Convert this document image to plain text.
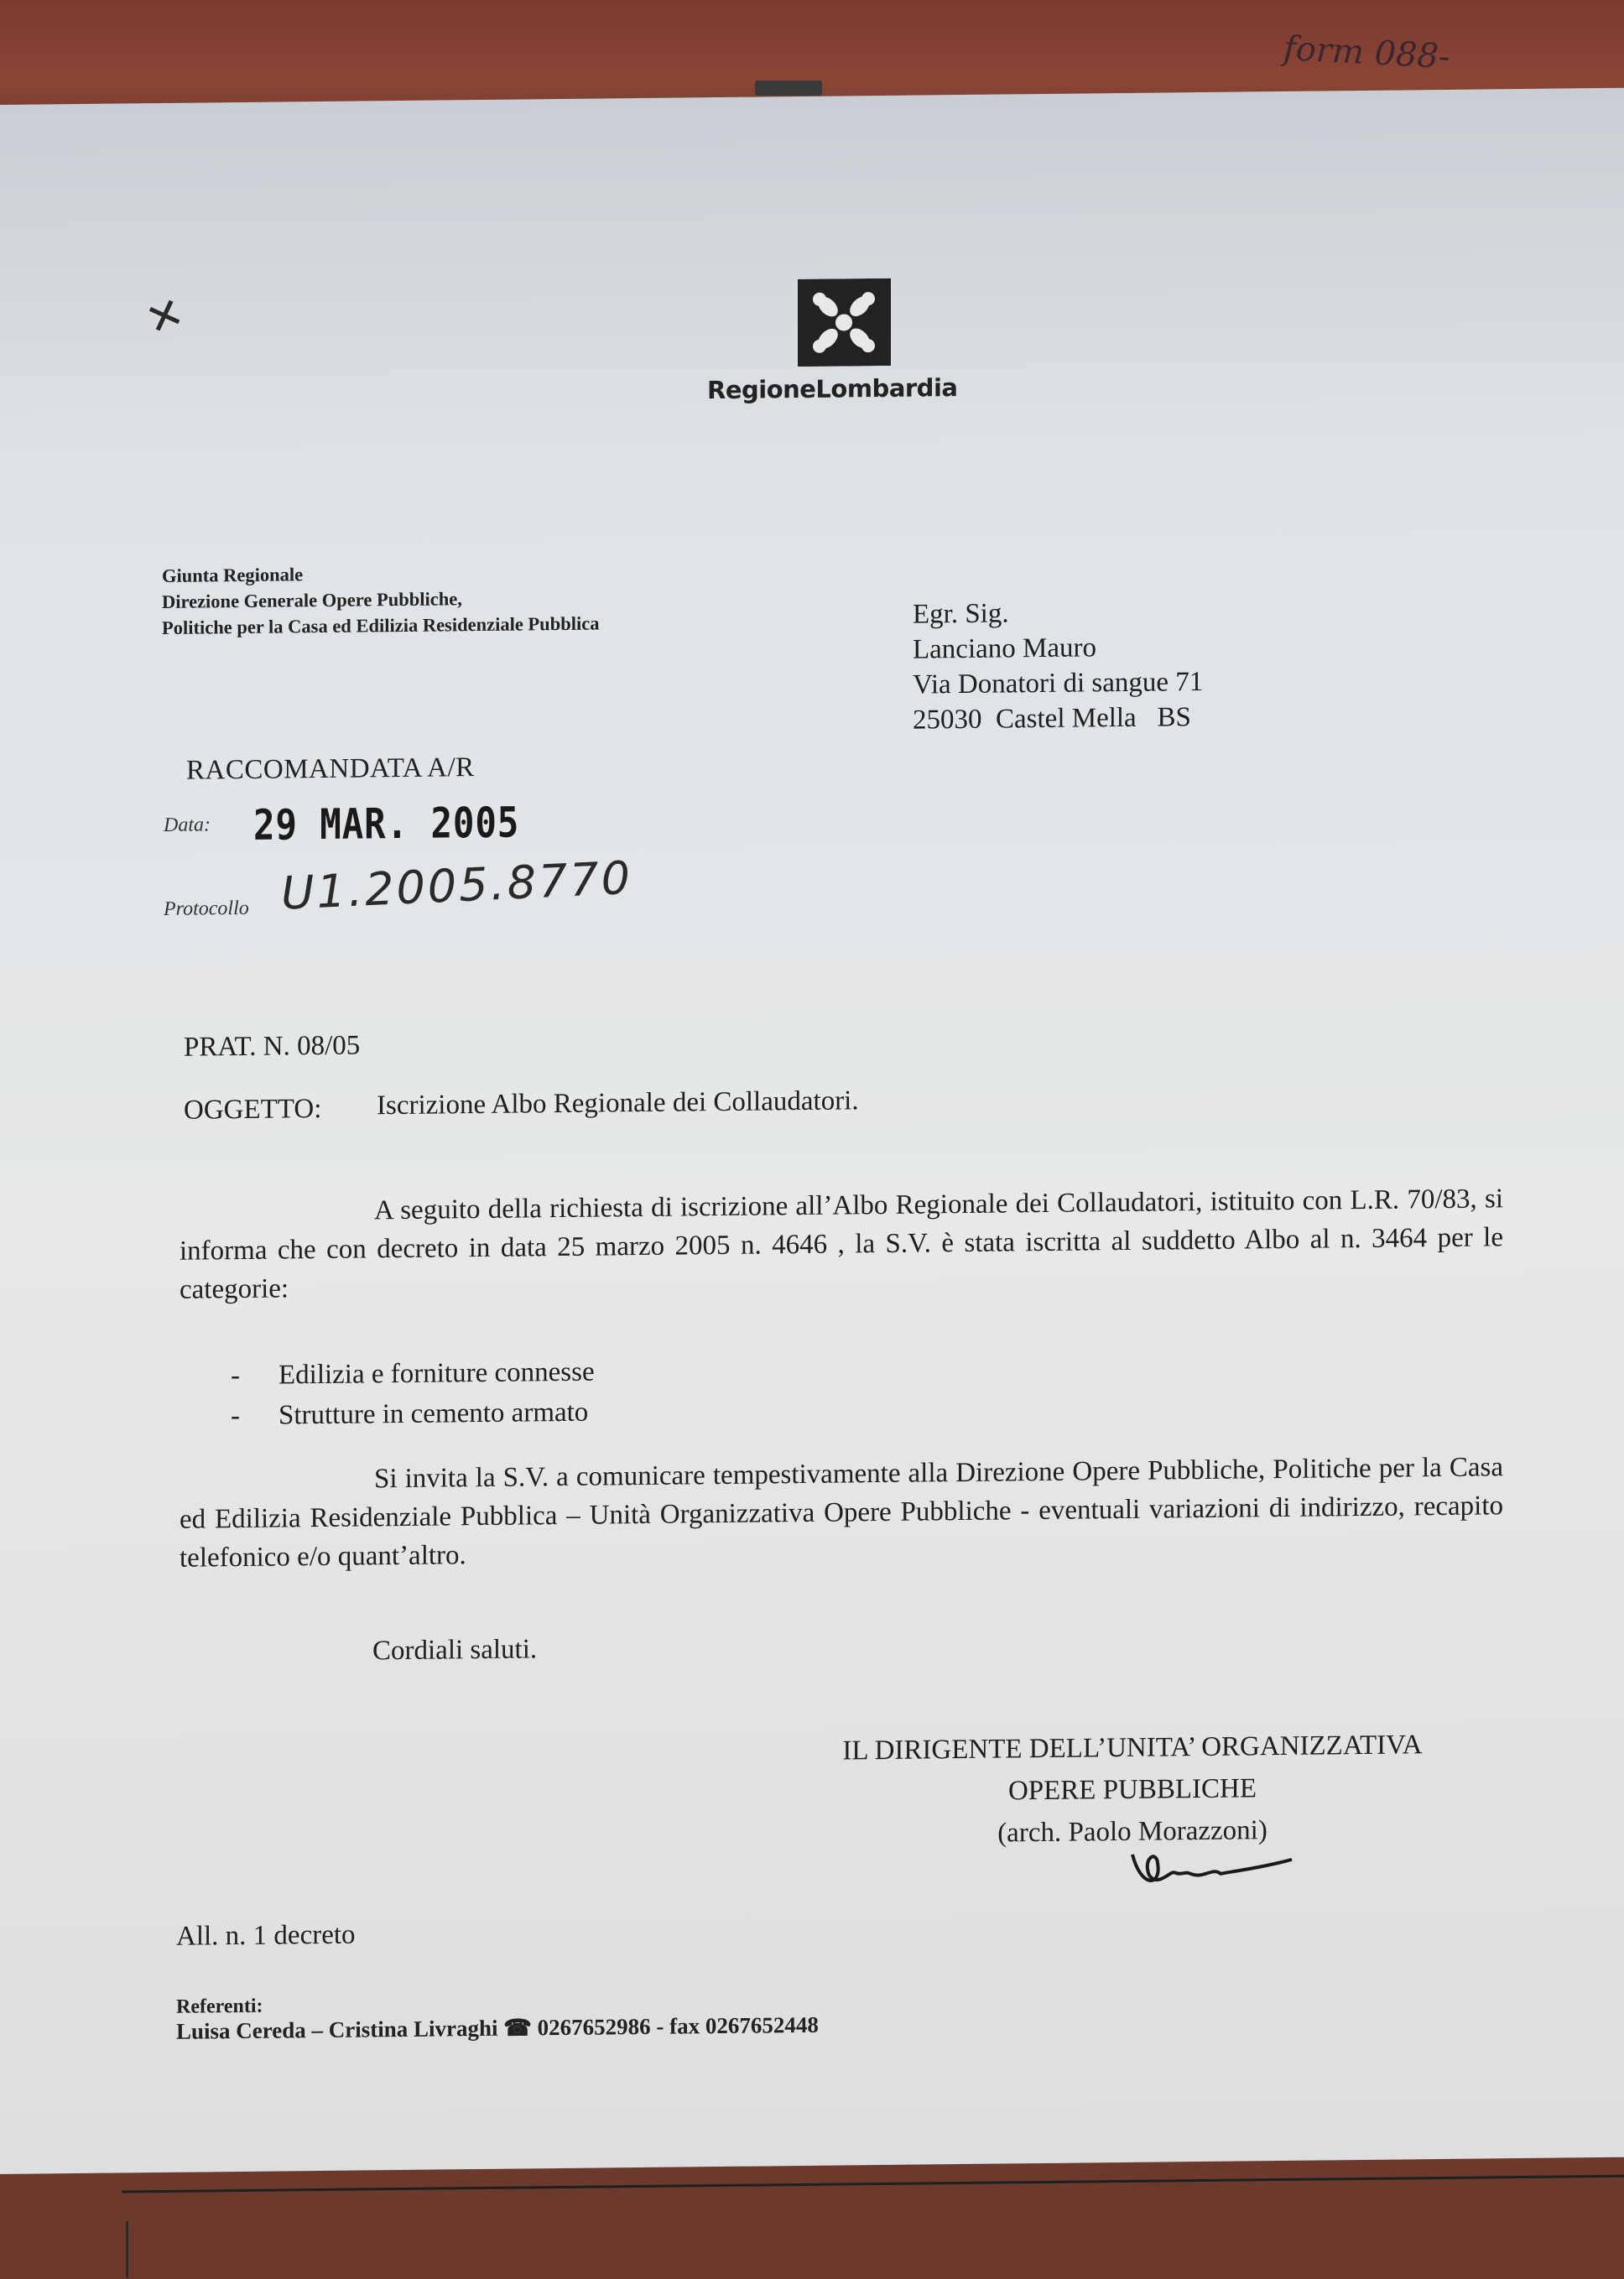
form 088-
✕
RegioneLombardia
Giunta Regionale
Direzione Generale Opere Pubbliche,
Politiche per la Casa ed Edilizia Residenziale Pubblica	Egr. Sig.
Lanciano Mauro
Via Donatori di sangue 71
25030  Castel Mella   BS
RACCOMANDATA A/R
Data: 29 MAR. 2005
Protocollo U1.2005.8770
PRAT. N. 08/05
OGGETTO: Iscrizione Albo Regionale dei Collaudatori.
A seguito della richiesta di iscrizione all’Albo Regionale dei Collaudatori, istituito con L.R. 70/83, si informa che con decreto in data 25 marzo 2005 n. 4646 , la S.V. è stata iscritta al suddetto Albo al n. 3464 per le categorie:
- Edilizia e forniture connesse
- Strutture in cemento armato
Si invita la S.V. a comunicare tempestivamente alla Direzione Opere Pubbliche, Politiche per la Casa ed Edilizia Residenziale Pubblica – Unità Organizzativa Opere Pubbliche - eventuali variazioni di indirizzo, recapito telefonico e/o quant’altro.
Cordiali saluti.
IL DIRIGENTE DELL’UNITA’ ORGANIZZATIVA
OPERE PUBBLICHE
(arch. Paolo Morazzoni)
All. n. 1 decreto
Referenti:
Luisa Cereda – Cristina Livraghi ☎ 0267652986 - fax 0267652448
